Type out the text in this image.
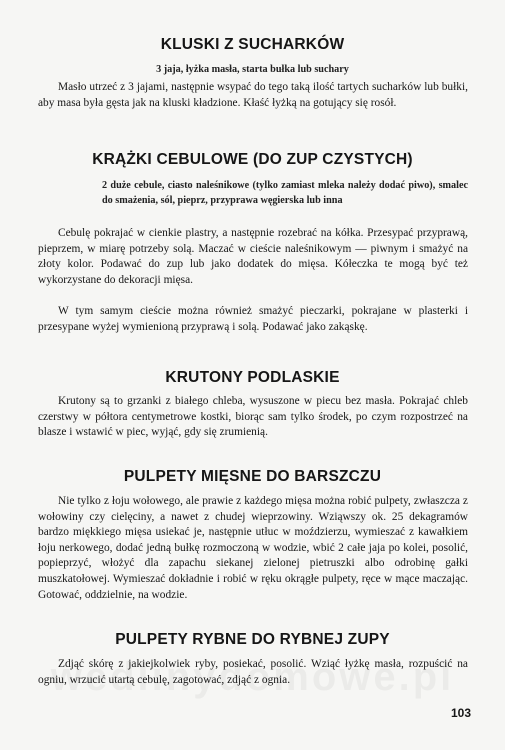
KLUSKI Z SUCHARKÓW
3 jaja, łyżka masła, starta bułka lub suchary

Masło utrzeć z 3 jajami, następnie wsypać do tego taką ilość tartych sucharków lub bułki, aby masa była gęsta jak na kluski kładzione. Kłaść łyżką na gotujący się rosół.

KRĄŻKI CEBULOWE (DO ZUP CZYSTYCH)
2 duże cebule, ciasto naleśnikowe (tylko zamiast mleka należy dodać piwo), smalec do smażenia, sól, pieprz, przyprawa węgierska lub inna

Cebulę pokrajać w cienkie plastry, a następnie rozebrać na kółka. Przesypać przyprawą, pieprzem, w miarę potrzeby solą. Maczać w cieście naleśnikowym — piwnym i smażyć na złoty kolor. Podawać do zup lub jako dodatek do mięsa. Kółeczka te mogą być też wykorzystane do dekoracji mięsa.

W tym samym cieście można również smażyć pieczarki, pokrajane w plasterki i przesypane wyżej wymienioną przyprawą i solą. Podawać jako zakąskę.

KRUTONY PODLASKIE

Krutony są to grzanki z białego chleba, wysuszone w piecu bez masła. Pokrajać chleb czerstwy w półtora centymetrowe kostki, biorąc sam tylko środek, po czym rozpostrzeć na blasze i wstawić w piec, wyjąć, gdy się zrumienią.

PULPETY MIĘSNE DO BARSZCZU

Nie tylko z łoju wołowego, ale prawie z każdego mięsa można robić pulpety, zwłaszcza z wołowiny czy cielęciny, a nawet z chudej wieprzowiny. Wziąwszy ok. 25 dekagramów bardzo miękkiego mięsa usiekać je, następnie utłuc w moździerzu, wymieszać z kawałkiem łoju nerkowego, dodać jedną bułkę rozmoczoną w wodzie, wbić 2 całe jaja po kolei, posolić, popieprzyć, włożyć dla zapachu siekanej zielonej pietruszki albo odrobinę gałki muszkatołowej. Wymieszać dokładnie i robić w ręku okrągłe pulpety, ręce w mące maczając. Gotować, oddzielnie, na wodzie.

PULPETY RYBNE DO RYBNEJ ZUPY

Zdjąć skórę z jakiejkolwiek ryby, posiekać, posolić. Wziąć łyżkę masła, rozpuścić na ogniu, wrzucić utartą cebulę, zagotować, zdjąć z ognia.

103
